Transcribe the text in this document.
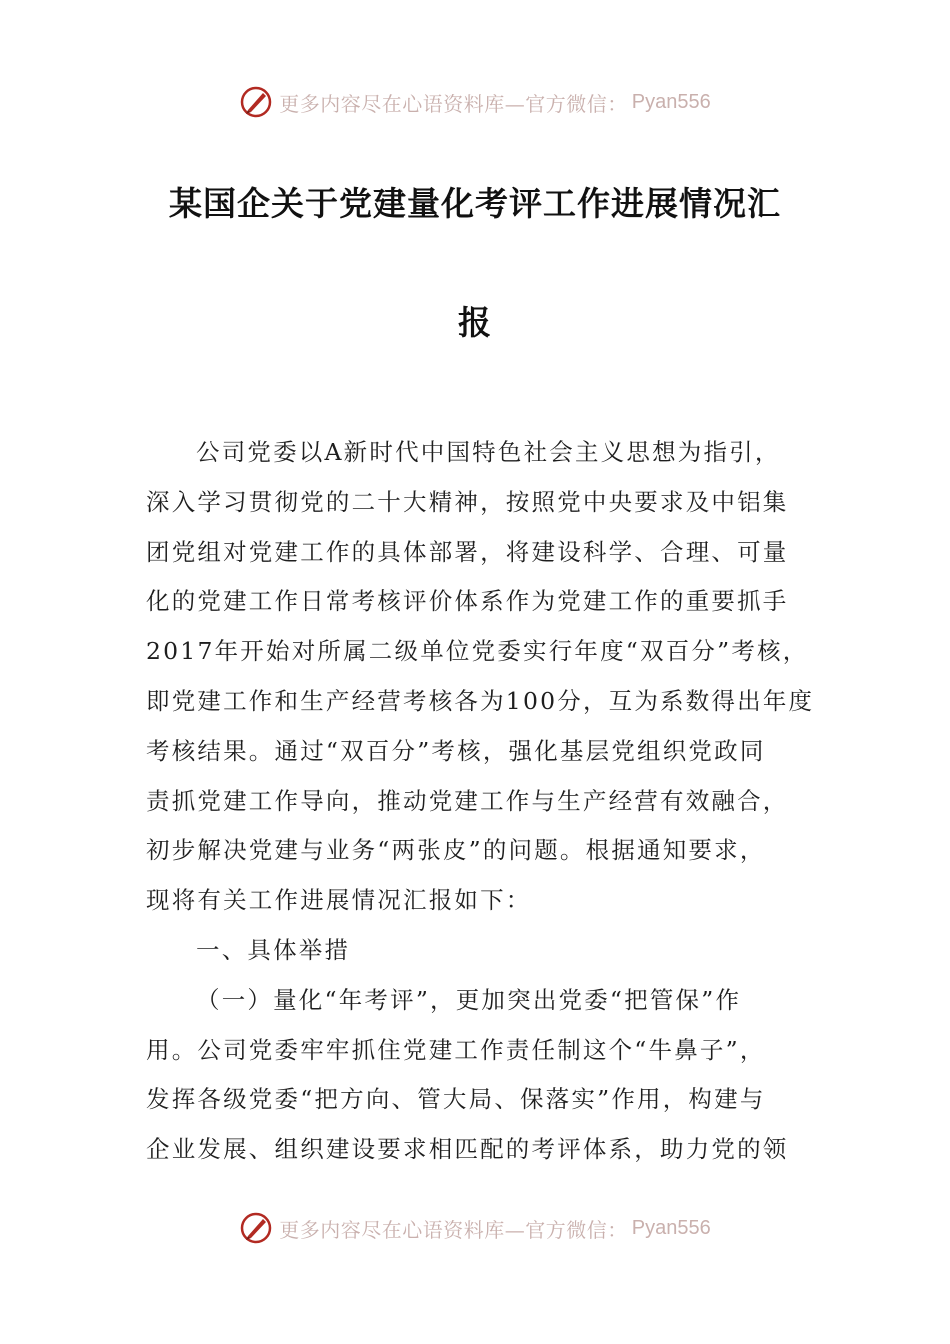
更多内容尽在心语资料库—官方微信： Pyan556
某国企关于党建量化考评工作进展情况汇
报

公司党委以A新时代中国特色社会主义思想为指引，

深入学习贯彻党的二十大精神，按照党中央要求及中铝集

团党组对党建工作的具体部署，将建设科学、合理、可量

化的党建工作日常考核评价体系作为党建工作的重要抓手

2017年开始对所属二级单位党委实行年度“双百分”考核，

即党建工作和生产经营考核各为100分，互为系数得出年度

考核结果。通过“双百分”考核，强化基层党组织党政同

责抓党建工作导向，推动党建工作与生产经营有效融合，

初步解决党建与业务“两张皮”的问题。根据通知要求，

现将有关工作进展情况汇报如下：

一、具体举措

（一）量化“年考评”，更加突出党委“把管保”作

用。公司党委牢牢抓住党建工作责任制这个“牛鼻子”，

发挥各级党委“把方向、管大局、保落实”作用，构建与

企业发展、组织建设要求相匹配的考评体系，助力党的领

更多内容尽在心语资料库—官方微信： Pyan556
